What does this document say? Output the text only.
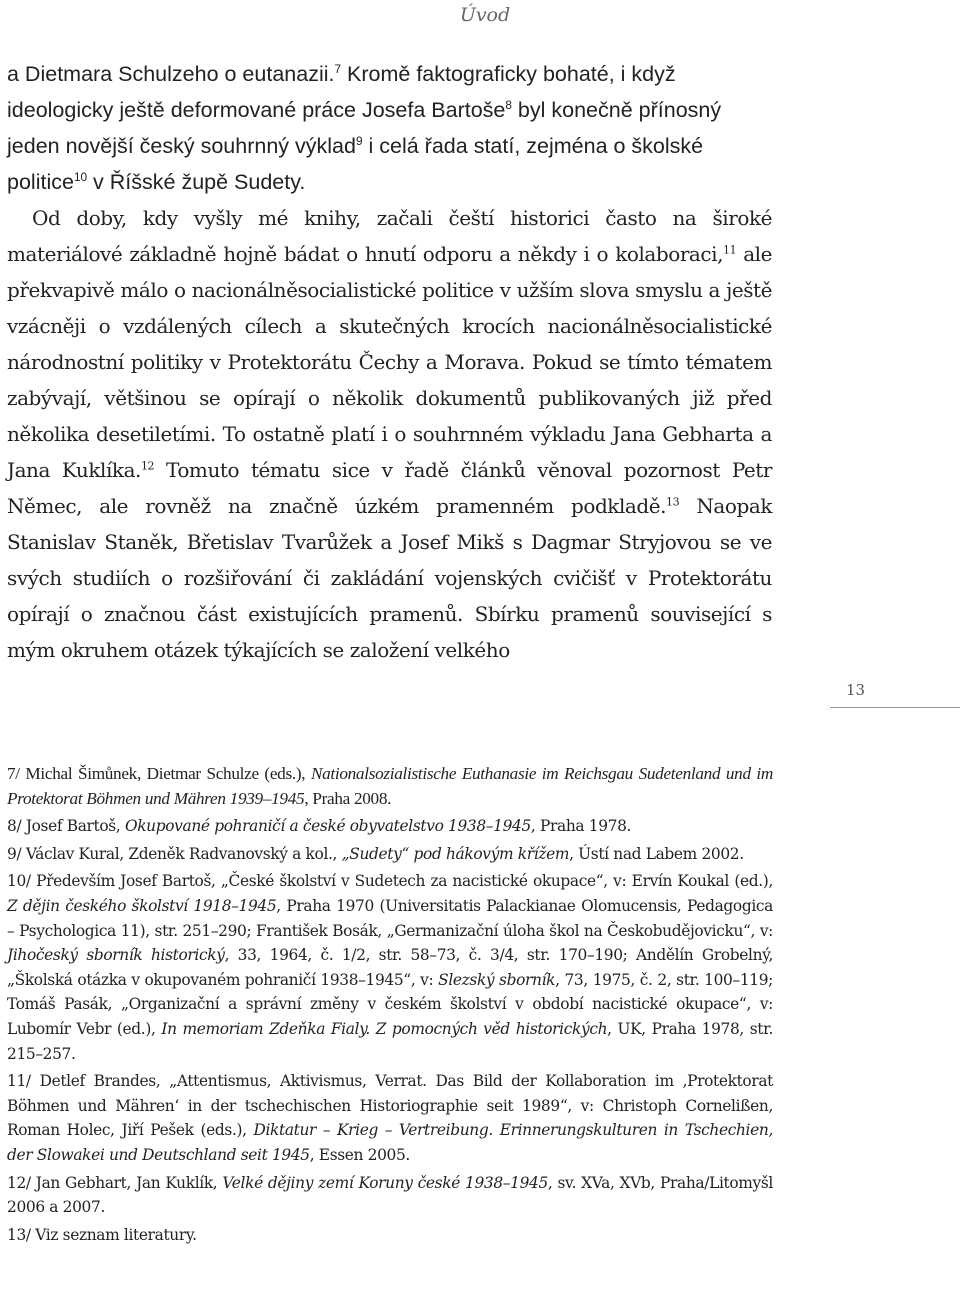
Úvod

a Dietmara Schulzeho o eutanazii.$^7$ Kromě faktograficky bohaté, i když ideologicky ještě deformované práce Josefa Bartoše$^8$ byl konečně přínosný jeden novější český souhrnný výklad$^9$ i celá řada statí, zejména o školské politice$^{10}$ v Říšské župě Sudety.

Od doby, kdy vyšly mé knihy, začali čeští historici často na široké materiálové základně hojně bádat o hnutí odporu a někdy i o kolaboraci,$^{11}$ ale překvapivě málo o nacionálněsocialistické politice v užším slova smyslu a ještě vzácněji o vzdálených cílech a skutečných krocích nacionálněsocialistické národnostní politiky v Protektorátu Čechy a Morava. Pokud se tímto tématem zabývají, většinou se opírají o několik dokumentů publikovaných již před několika desetiletími. To ostatně platí i o souhrnném výkladu Jana Gebharta a Jana Kuklíka.$^{12}$ Tomuto tématu sice v řadě článků věnoval pozornost Petr Němec, ale rovněž na značně úzkém pramenném podkladě.$^{13}$ Naopak Stanislav Staněk, Břetislav Tvarůžek a Josef Mikš s Dagmar Stryjovou se ve svých studiích o rozšiřování či zakládání vojenských cvičišť v Protektorátu opírají o značnou část existujících pramenů. Sbírku pramenů související s mým okruhem otázek týkajících se založení velkého

13

7/ Michal Šimůnek, Dietmar Schulze (eds.), Nationalsozialistische Euthanasie im Reichsgau Sudetenland und im Protektorat Böhmen und Mähren 1939–1945, Praha 2008.

8/ Josef Bartoš, Okupované pohraničí a české obyvatelstvo 1938–1945, Praha 1978.

9/ Václav Kural, Zdeněk Radvanovský a kol., „Sudety“ pod hákovým křížem, Ústí nad Labem 2002.

10/ Především Josef Bartoš, „České školství v Sudetech za nacistické okupace“, v: Ervín Koukal (ed.), Z dějin českého školství 1918–1945, Praha 1970 (Universitatis Palackianae Olomucensis, Pedagogica – Psychologica 11), str. 251–290; František Bosák, „Germanizační úloha škol na Českobudějovicku“, v: Jihočeský sborník historický, 33, 1964, č. 1/2, str. 58–73, č. 3/4, str. 170–190; Andělín Grobelný, „Školská otázka v okupovaném pohraničí 1938–1945“, v: Slezský sborník, 73, 1975, č. 2, str. 100–119; Tomáš Pasák, „Organizační a správní změny v českém školství v období nacistické okupace“, v: Lubomír Vebr (ed.), In memoriam Zdeňka Fialy. Z pomocných věd historických, UK, Praha 1978, str. 215–257.

11/ Detlef Brandes, „Attentismus, Aktivismus, Verrat. Das Bild der Kollaboration im ‚Protektorat Böhmen und Mähren‘ in der tschechischen Historiographie seit 1989“, v: Christoph Cornelißen, Roman Holec, Jiří Pešek (eds.), Diktatur – Krieg – Vertreibung. Erinnerungskulturen in Tschechien, der Slowakei und Deutschland seit 1945, Essen 2005.

12/ Jan Gebhart, Jan Kuklík, Velké dějiny zemí Koruny české 1938–1945, sv. XVa, XVb, Praha/Litomyšl 2006 a 2007.

13/ Viz seznam literatury.
